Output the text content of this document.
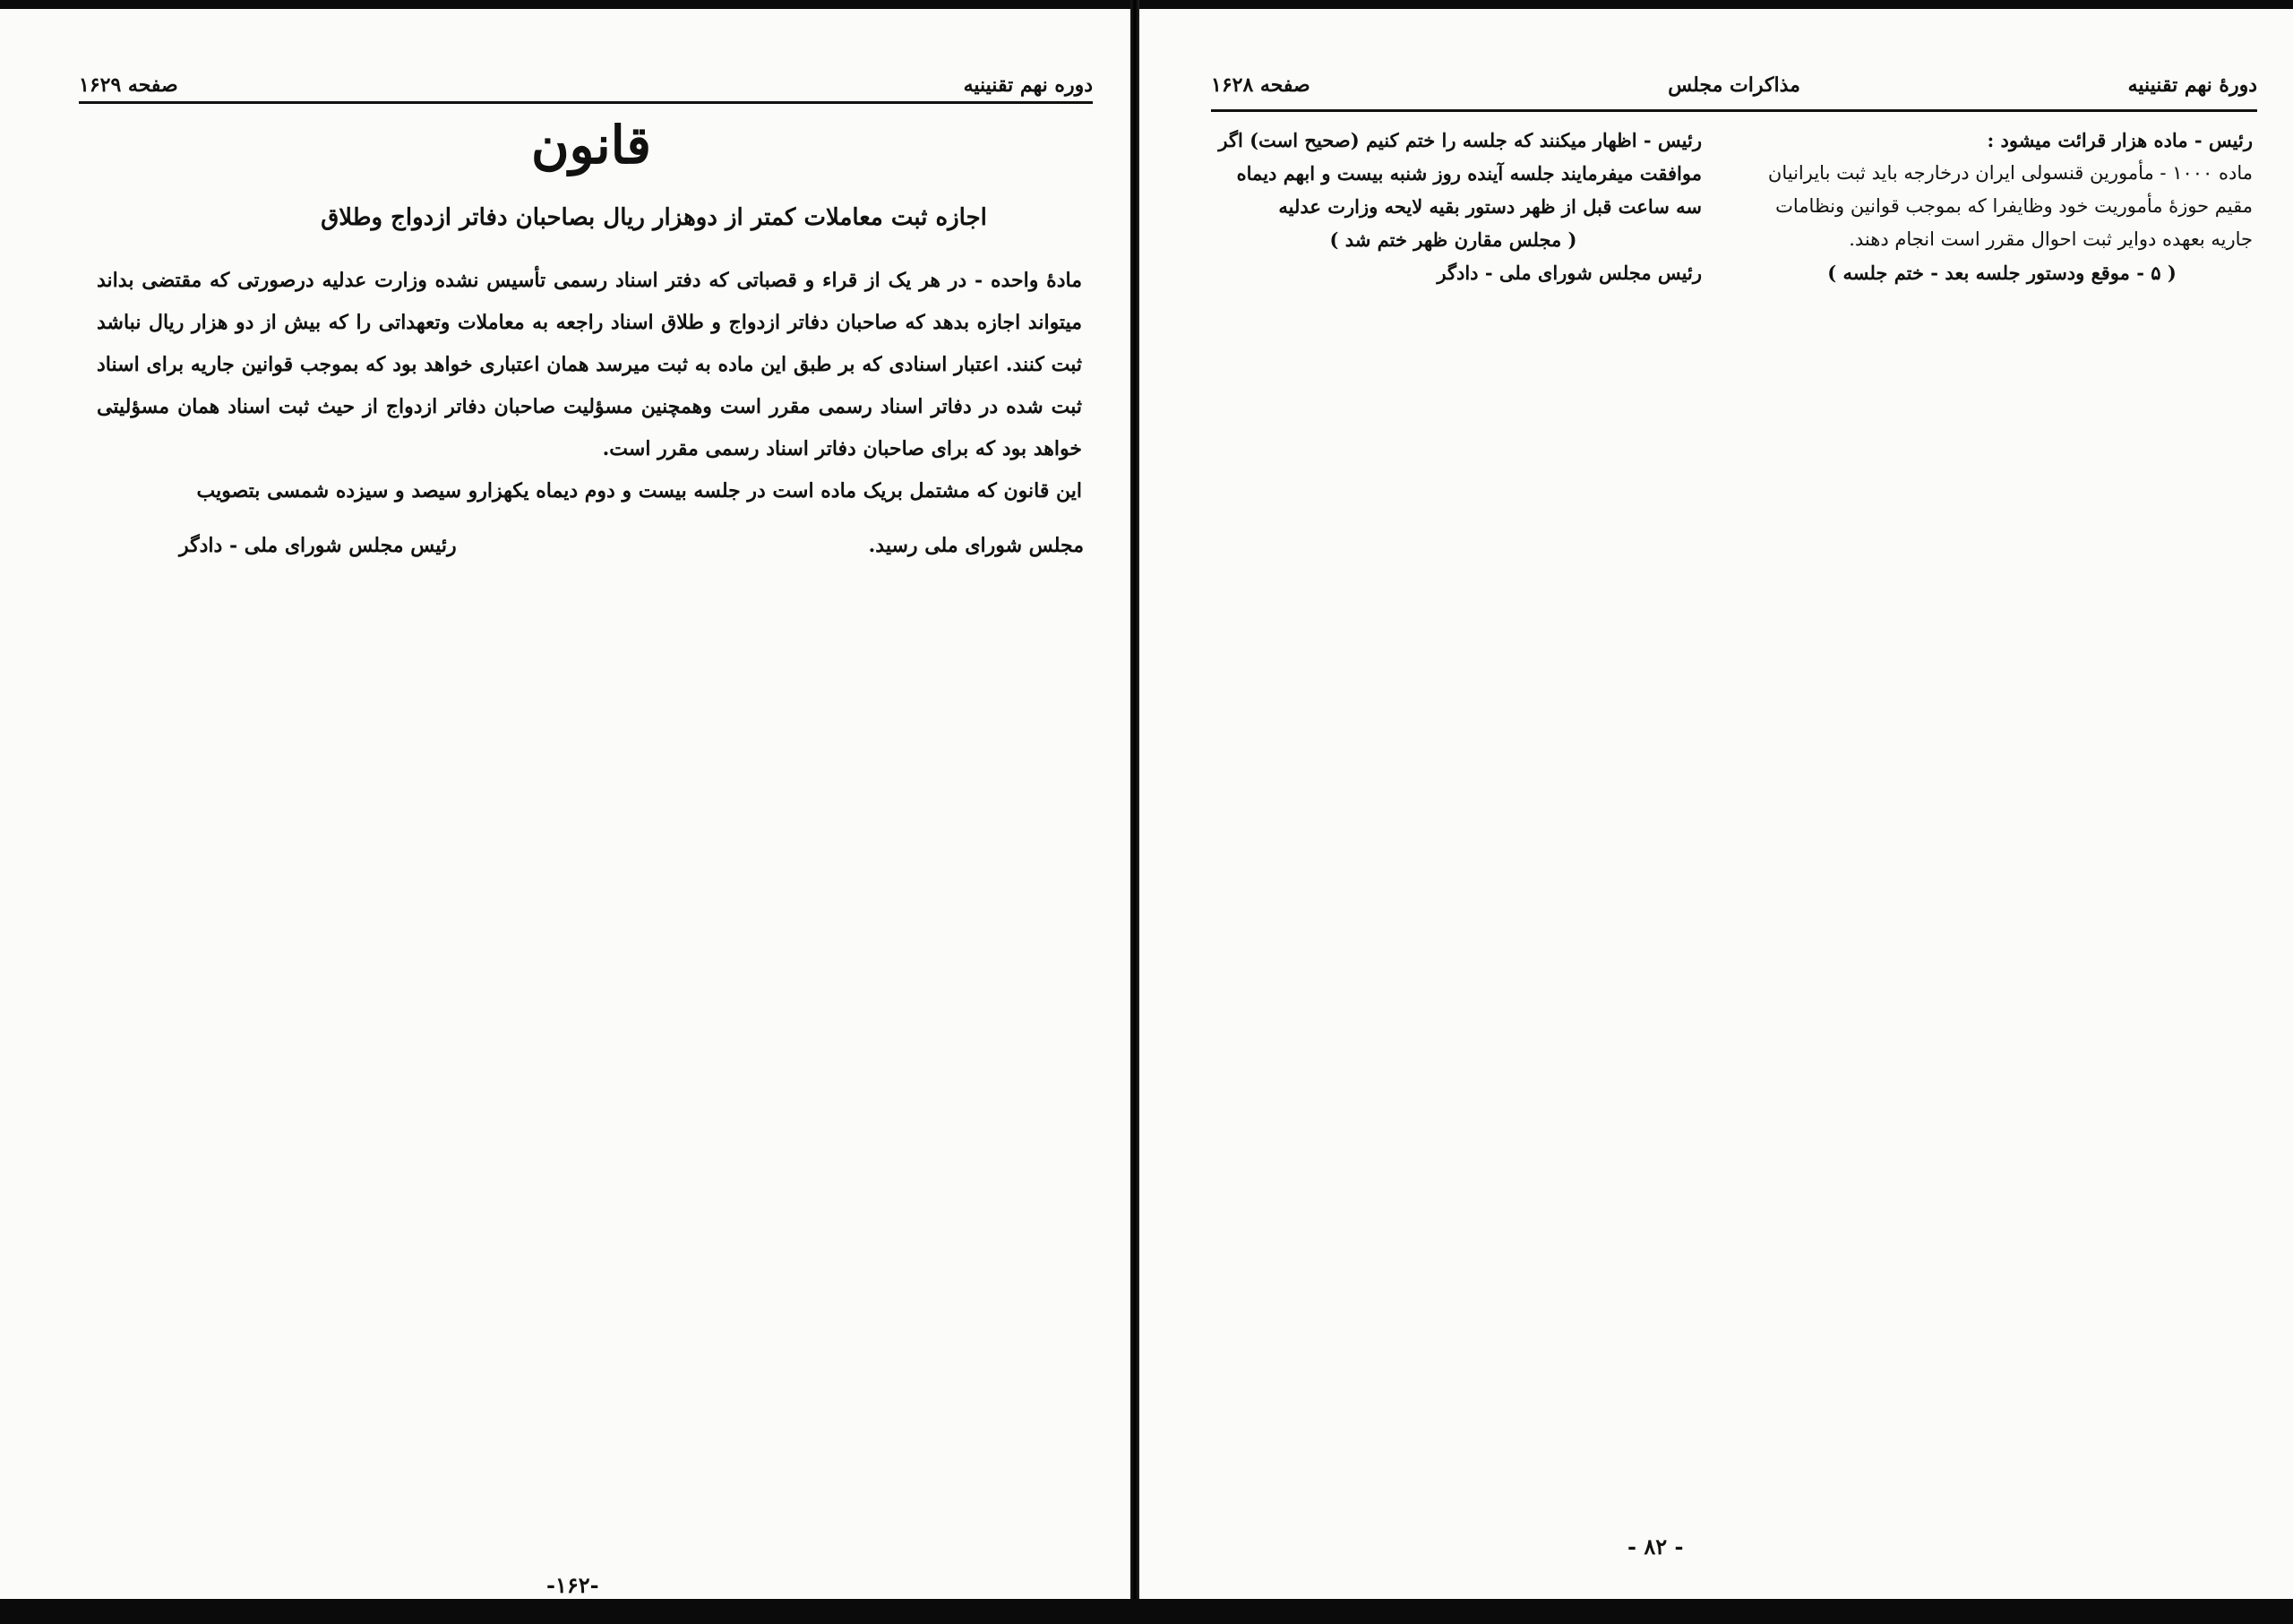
دوره نهم تقنینیه
صفحه ۱۶۲۹
قانون
اجازه ثبت معاملات کمتر از دوهزار ریال بصاحبان دفاتر ازدواج وطلاق

مادهٔ واحده - در هر یک از قراء و قصباتی که دفتر اسناد رسمی تأسیس نشده وزارت عدلیه درصورتی که مقتضی بداند میتواند اجازه بدهد که صاحبان دفاتر ازدواج و طلاق اسناد راجعه به معاملات وتعهداتی را که بیش از دو هزار ریال نباشد ثبت کنند. اعتبار اسنادی که بر طبق این ماده به ثبت میرسد همان اعتباری خواهد بود که بموجب قوانین جاریه برای اسناد ثبت شده در دفاتر اسناد رسمی مقرر است وهمچنین مسؤلیت صاحبان دفاتر ازدواج از حیث ثبت اسناد همان مسؤلیتی خواهد بود که برای صاحبان دفاتر اسناد رسمی مقرر است.

این قانون که مشتمل بریک ماده است در جلسه بیست و دوم دیماه یکهزارو سیصد و سیزده شمسی بتصویب

مجلس شورای ملی رسید.
رئیس مجلس شورای ملی - دادگر
-۱۶۲-
دورهٔ نهم تقنینیه
مذاکرات مجلس
صفحه ۱۶۲۸

رئیس - ماده هزار قرائت میشود :

ماده ۱۰۰۰ - مأمورین قنسولی ایران درخارجه باید ثبت بایرانیان مقیم حوزهٔ مأموریت خود وظایفرا که بموجب قوانین ونظامات جاریه بعهده دوایر ثبت احوال مقرر است انجام دهند.

( ۵ - موقع ودستور جلسه بعد - ختم جلسه )

رئیس - اظهار میکنند که جلسه را ختم کنیم (صحیح است) اگر موافقت میفرمایند جلسه آینده روز شنبه بیست و ابهم دیماه سه ساعت قبل از ظهر دستور بقیه لایحه وزارت عدلیه

( مجلس مقارن ظهر ختم شد )

رئیس مجلس شورای ملی - دادگر

- ۸۲ -
